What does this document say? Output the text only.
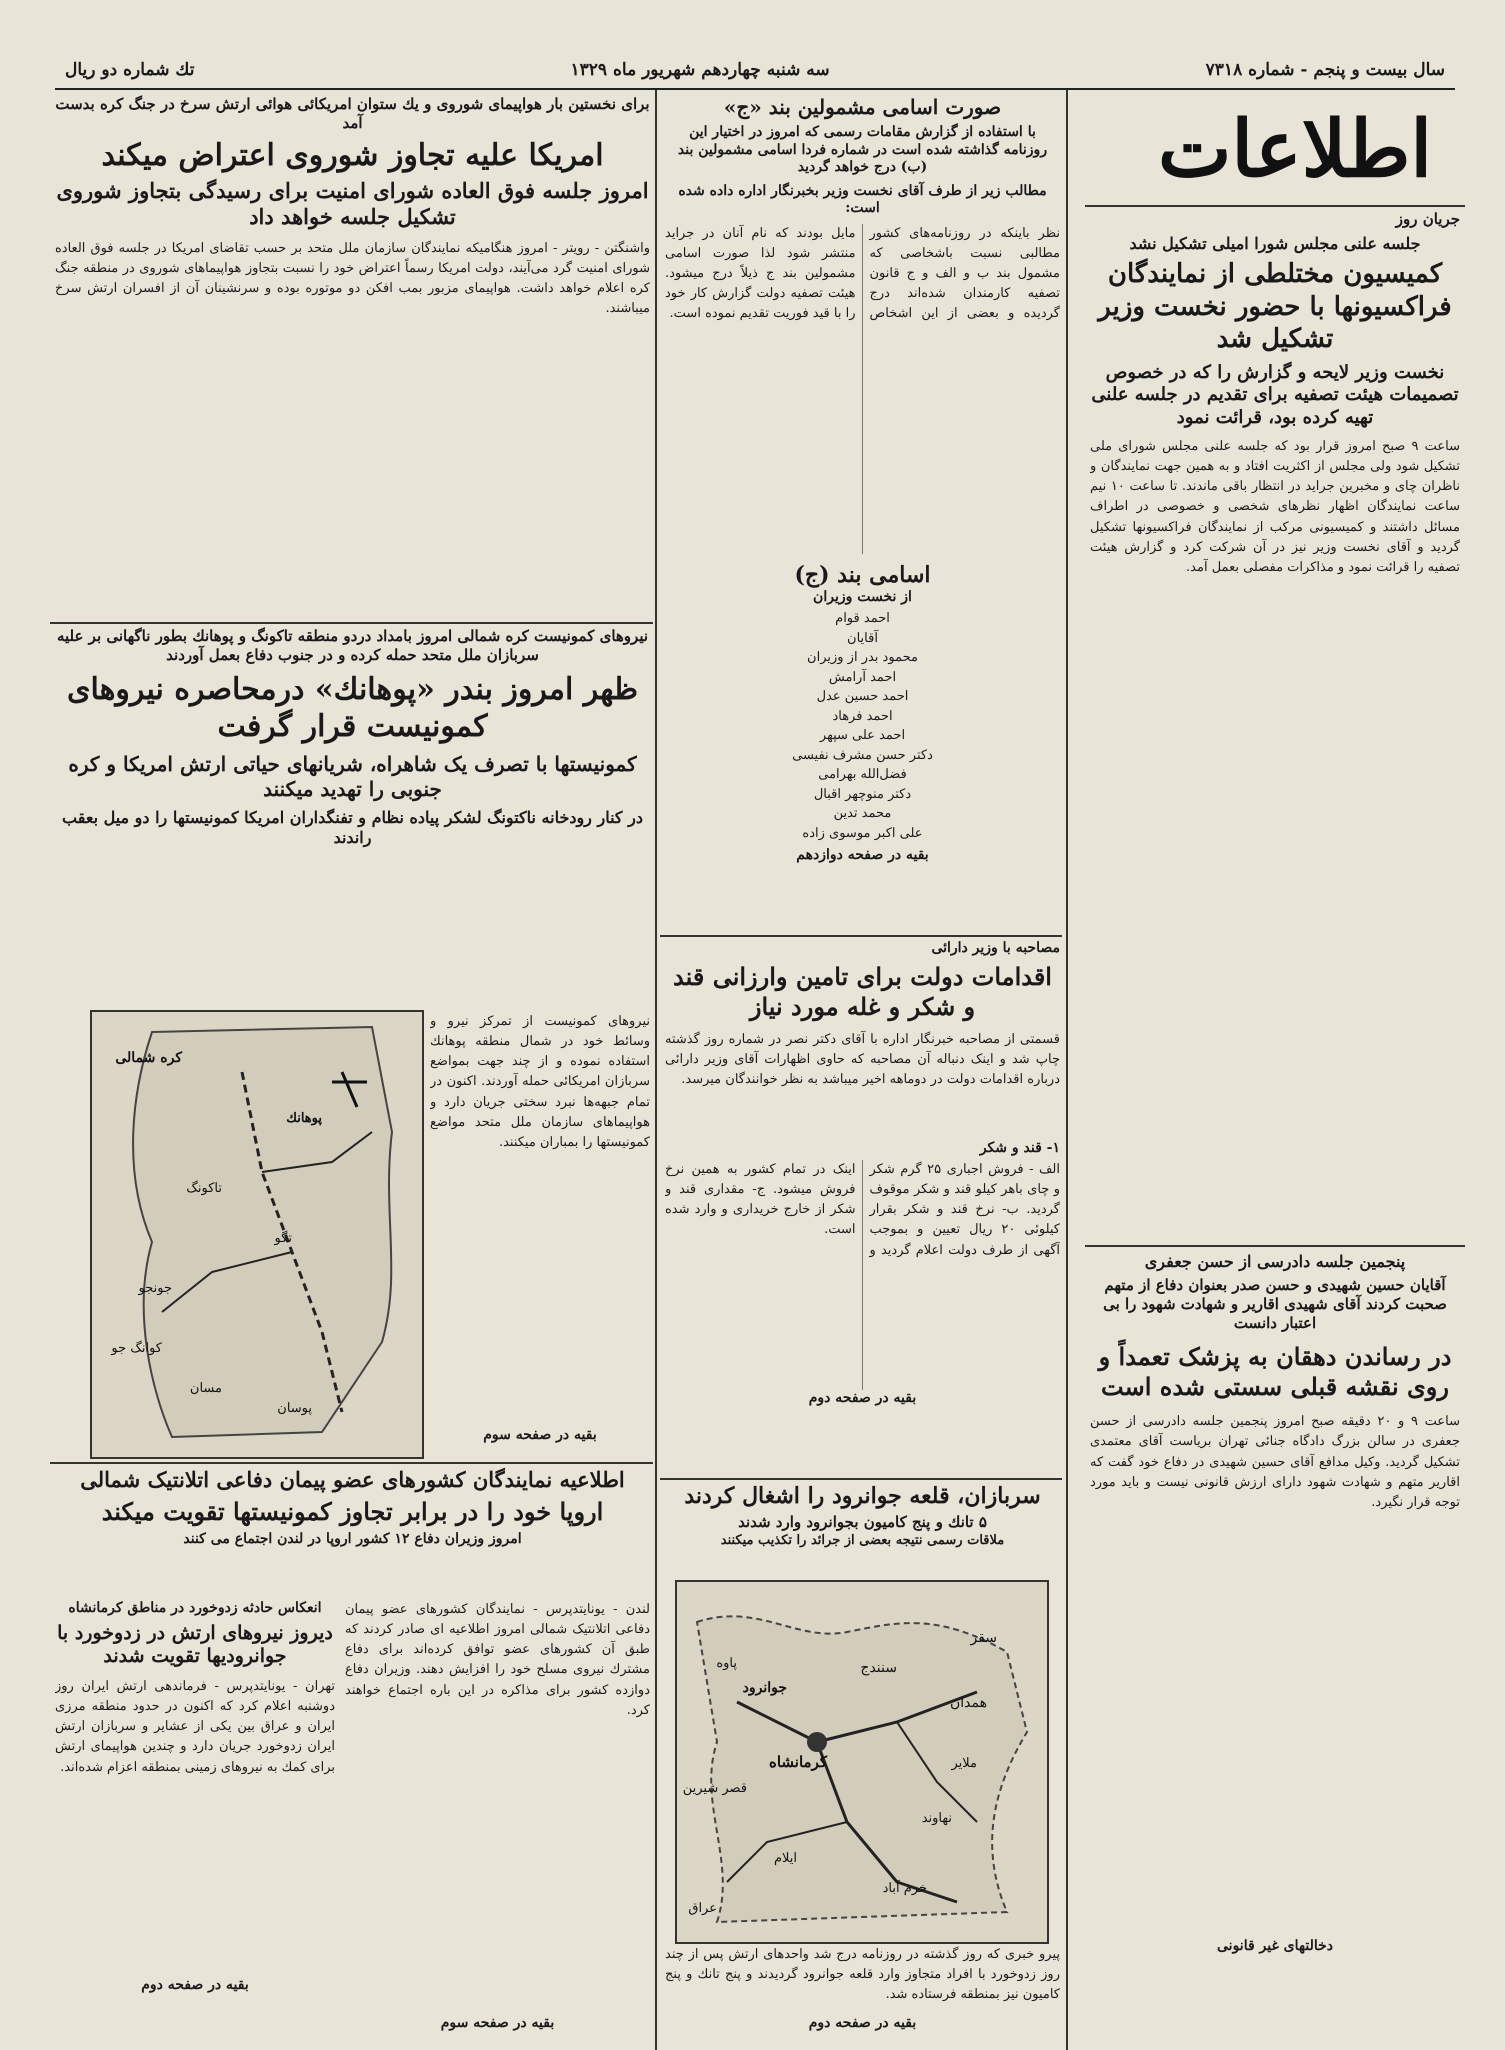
سال بیست و پنجم - شماره ۷۳۱۸
سه شنبه چهاردهم شهریور ماه ۱۳۲۹
تك شماره دو ریال
اطلاعات
جریان روز
جلسه علنی مجلس شورا امیلی تشکیل نشد
کمیسیون مختلطی از نمایندگان فراکسیونها با حضور نخست وزیر تشکیل شد
نخست وزیر لایحه و گزارش را که در خصوص تصمیمات هیئت تصفیه برای تقدیم در جلسه علنی تهیه کرده بود، قرائت نمود
ساعت ۹ صبح امروز قرار بود که جلسه علنی مجلس شورای ملی تشکیل شود ولی مجلس از اکثریت افتاد و به همین جهت نمایندگان و ناظران چای و مخبرین جراید در انتظار باقی ماندند. تا ساعت ۱۰ نیم ساعت نمایندگان اظهار نظرهای شخصی و خصوصی در اطراف مسائل داشتند و کمیسیونی مرکب از نمایندگان فراکسیونها تشکیل گردید و آقای نخست وزیر نیز در آن شرکت کرد و گزارش هیئت تصفیه را قرائت نمود و مذاکرات مفصلی بعمل آمد.
پنجمین جلسه دادرسی از حسن جعفری
آقایان حسین شهیدی و حسن صدر بعنوان دفاع از متهم صحبت کردند آقای شهیدی اقاریر و شهادت شهود را بی اعتبار دانست
در رساندن دهقان به پزشک تعمداً و روی نقشه قبلی سستی شده است
ساعت ۹ و ۲۰ دقیقه صبح امروز پنجمین جلسه دادرسی از حسن جعفری در سالن بزرگ دادگاه جنائی تهران بریاست آقای معتمدی تشکیل گردید. وکیل مدافع آقای حسین شهیدی در دفاع خود گفت که اقاریر متهم و شهادت شهود دارای ارزش قانونی نیست و باید مورد توجه قرار نگیرد.
دخالتهای غیر قانونی
صورت اسامی مشمولین بند «ج»
با استفاده از گزارش مقامات رسمی که امروز در اختیار این روزنامه گذاشته شده است در شماره فردا اسامی مشمولین بند (ب) درج خواهد گردید
مطالب زیر از طرف آقای نخست وزیر بخبرنگار اداره داده شده است:
نظر باینکه در روزنامه‌های کشور مطالبی نسبت باشخاصی که مشمول بند ب و الف و ج قانون تصفیه کارمندان شده‌اند درج گردیده و بعضی از این اشخاص مایل بودند که نام آنان در جراید منتشر شود لذا صورت اسامی مشمولین بند ج ذیلاً درج میشود. هیئت تصفیه دولت گزارش کار خود را با قید فوریت تقدیم نموده است.
اسامی بند (ج)
از نخست وزیران
احمد قوام
آقایان
محمود بدر از وزیران
احمد آرامش
احمد حسین عدل
احمد فرهاد
احمد علی سپهر
دکتر حسن مشرف نفیسی
فضل‌الله بهرامی
دکتر منوچهر اقبال
محمد تدین
علی اکبر موسوی زاده
بقیه در صفحه دوازدهم
مصاحبه با وزیر دارائی
اقدامات دولت برای تامین وارزانی قند و شکر و غله مورد نیاز
قسمتی از مصاحبه خبرنگار اداره با آقای دکتر نصر در شماره روز گذشته چاپ شد و اینک دنباله آن مصاحبه که حاوی اظهارات آقای وزیر دارائی درباره اقدامات دولت در دوماهه اخیر میباشد به نظر خوانندگان میرسد.
۱- قند و شکر
الف - فروش اجباری ۲۵ گرم شکر و چای باهر کیلو قند و شکر موقوف گردید. ب- نرخ قند و شکر بقرار کیلوئی ۲۰ ریال تعیین و بموجب آگهی از طرف دولت اعلام گردید و اینک در تمام کشور به همین نرخ فروش میشود. ج- مقداری قند و شکر از خارج خریداری و وارد شده است.
بقیه در صفحه دوم
سربازان، قلعه جوانرود را اشغال کردند
۵ تانك و پنج کامیون بجوانرود وارد شدند
ملاقات رسمی نتیجه بعضی از جرائد را تکذیب میکنند
سقز
سنندج
کرمانشاه
همدان
جوانرود
پاوه
قصر شیرین
ملایر
نهاوند
خرم آباد
ایلام
عراق
پیرو خبری که روز گذشته در روزنامه درج شد واحدهای ارتش پس از چند روز زدوخورد با افراد متجاوز وارد قلعه جوانرود گردیدند و پنج تانك و پنج کامیون نیز بمنطقه فرستاده شد.
بقیه در صفحه دوم
برای نخستین بار هواپیمای شوروی و یك ستوان امریکائی هوائی ارتش سرخ در جنگ کره بدست آمد
امریکا علیه تجاوز شوروی اعتراض میکند
امروز جلسه فوق العاده شورای امنیت برای رسیدگی بتجاوز شوروی تشکیل جلسه خواهد داد
واشنگتن - رویتر - امروز هنگامیکه نمایندگان سازمان ملل متحد بر حسب تقاضای امریکا در جلسه فوق العاده شورای امنیت گرد می‌آیند، دولت امریکا رسماً اعتراض خود را نسبت بتجاوز هواپیماهای شوروی در منطقه جنگ کره اعلام خواهد داشت. هواپیمای مزبور بمب افکن دو موتوره بوده و سرنشینان آن از افسران ارتش سرخ میباشند.
نیروهای کمونیست کره شمالی امروز بامداد دردو منطقه تاکونگ و پوهانك بطور ناگهانی بر علیه سربازان ملل متحد حمله کرده و در جنوب دفاع بعمل آوردند
ظهر امروز بندر «پوهانك» درمحاصره نیروهای کمونیست قرار گرفت
کمونیستها با تصرف یک شاهراه، شریانهای حیاتی ارتش امریکا و کره جنوبی را تهدید میکنند
در کنار رودخانه ناکتونگ لشکر پیاده نظام و تفنگداران امریکا کمونیستها را دو میل بعقب راندند
کره شمالی
تاکونگ
پوهانك
تگو
پوسان
مسان
جونجو
کوانگ جو
نیروهای کمونیست از تمرکز نیرو و وسائط خود در شمال منطقه پوهانك استفاده نموده و از چند جهت بمواضع سربازان امریکائی حمله آوردند. اکنون در تمام جبهه‌ها نبرد سختی جریان دارد و هواپیماهای سازمان ملل متحد مواضع کمونیستها را بمباران میکنند.
بقیه در صفحه سوم
اطلاعیه نمایندگان کشورهای عضو پیمان دفاعی اتلانتیک شمالی
اروپا خود را در برابر تجاوز کمونیستها تقویت میکند
امروز وزیران دفاع ۱۲ کشور اروپا در لندن اجتماع می کنند
انعکاس حادثه زدوخورد در مناطق کرمانشاه
دیروز نیروهای ارتش در زدوخورد با جوانرودیها تقویت شدند
تهران - یونایتدپرس - فرماندهی ارتش ایران روز دوشنبه اعلام کرد که اکنون در حدود منطقه مرزی ایران و عراق بین یکی از عشایر و سربازان ارتش ایران زدوخورد جریان دارد و چندین هواپیمای ارتش برای کمك به نیروهای زمینی بمنطقه اعزام شده‌اند.
بقیه در صفحه دوم
لندن - یونایتدپرس - نمایندگان کشورهای عضو پیمان دفاعی اتلانتیک شمالی امروز اطلاعیه ای صادر کردند که طبق آن کشورهای عضو توافق کرده‌اند برای دفاع مشترك نیروی مسلح خود را افزایش دهند. وزیران دفاع دوازده کشور برای مذاکره در این باره اجتماع خواهند کرد.
بقیه در صفحه سوم
